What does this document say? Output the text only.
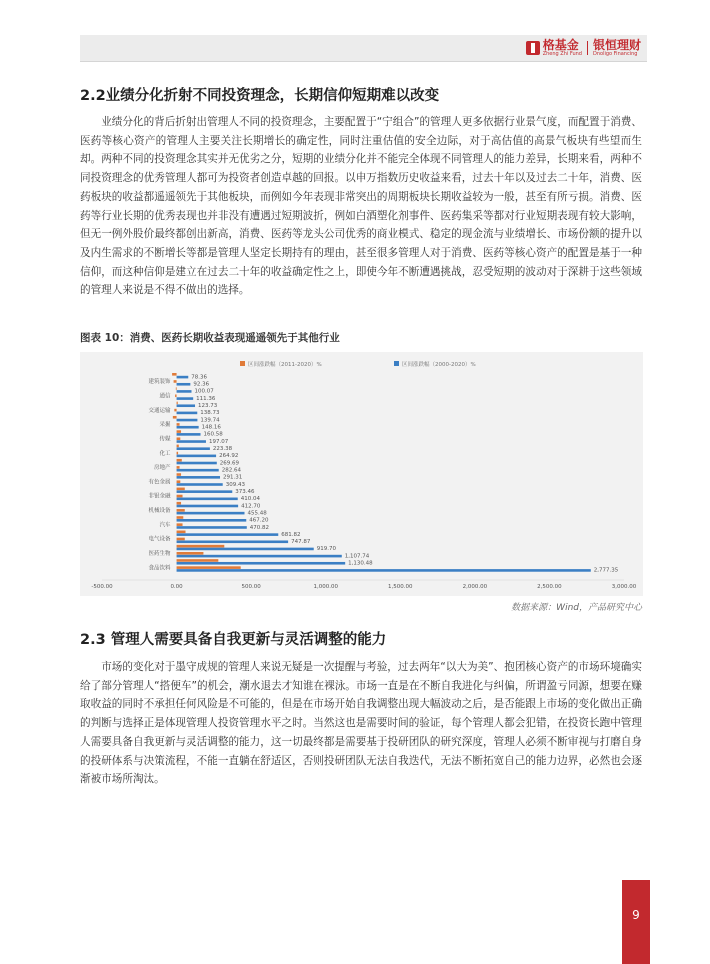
格基金
Zheng Zhi Fund
银恒理财
Dnoligo Financing
2.2业绩分化折射不同投资理念，长期信仰短期难以改变

业绩分化的背后折射出管理人不同的投资理念，主要配置于“宁组合”的管理人更多依据行业景气度，而配置于消费、医药等核心资产的管理人主要关注长期增长的确定性，同时注重估值的安全边际，对于高估值的高景气板块有些望而生却。两种不同的投资理念其实并无优劣之分，短期的业绩分化并不能完全体现不同管理人的能力差异，长期来看，两种不同投资理念的优秀管理人都可为投资者创造卓越的回报。以申万指数历史收益来看，过去十年以及过去二十年，消费、医药板块的收益都遥遥领先于其他板块，而例如今年表现非常突出的周期板块长期收益较为一般，甚至有所亏损。消费、医药等行业长期的优秀表现也并非没有遭遇过短期波折，例如白酒塑化剂事件、医药集采等都对行业短期表现有较大影响，但无一例外股价最终都创出新高，消费、医药等龙头公司优秀的商业模式、稳定的现金流与业绩增长、市场份额的提升以及内生需求的不断增长等都是管理人坚定长期持有的理由，甚至很多管理人对于消费、医药等核心资产的配置是基于一种信仰，而这种信仰是建立在过去二十年的收益确定性之上，即使今年不断遭遇挑战，忍受短期的波动对于深耕于这些领域的管理人来说是不得不做出的选择。

图表 10：消费、医药长期收益表现遥遥领先于其他行业

区间涨跌幅（2011-2020）%	区间涨跌幅（2000-2020）%
78.36
92.36
100.07
111.36
123.73
138.73
139.74
148.16
160.58
197.07
223.38
264.92
269.69
282.64
291.31
309.43
373.46
410.04
412.70
455.48
467.20
470.82
681.82
747.87
919.70
1,107.74
1,130.48
2,777.35
建筑装饰
通信
交通运输
采掘
传媒
化工
房地产
有色金属
非银金融
机械设备
汽车
电气设备
医药生物
食品饮料
-500.00	0.00	500.00	1,000.00	1,500.00	2,000.00	2,500.00	3,000.00
数据来源：Wind，产品研究中心
2.3 管理人需要具备自我更新与灵活调整的能力

市场的变化对于墨守成规的管理人来说无疑是一次提醒与考验，过去两年“以大为美”、抱团核心资产的市场环境确实给了部分管理人“搭便车”的机会，潮水退去才知谁在裸泳。市场一直是在不断自我进化与纠偏，所谓盈亏同源，想要在赚取收益的同时不承担任何风险是不可能的，但是在市场开始自我调整出现大幅波动之后，是否能跟上市场的变化做出正确的判断与选择正是体现管理人投资管理水平之时。当然这也是需要时间的验证，每个管理人都会犯错，在投资长跑中管理人需要具备自我更新与灵活调整的能力，这一切最终都是需要基于投研团队的研究深度，管理人必须不断审视与打磨自身的投研体系与决策流程，不能一直躺在舒适区，否则投研团队无法自我迭代，无法不断拓宽自己的能力边界，必然也会逐渐被市场所淘汰。

9
